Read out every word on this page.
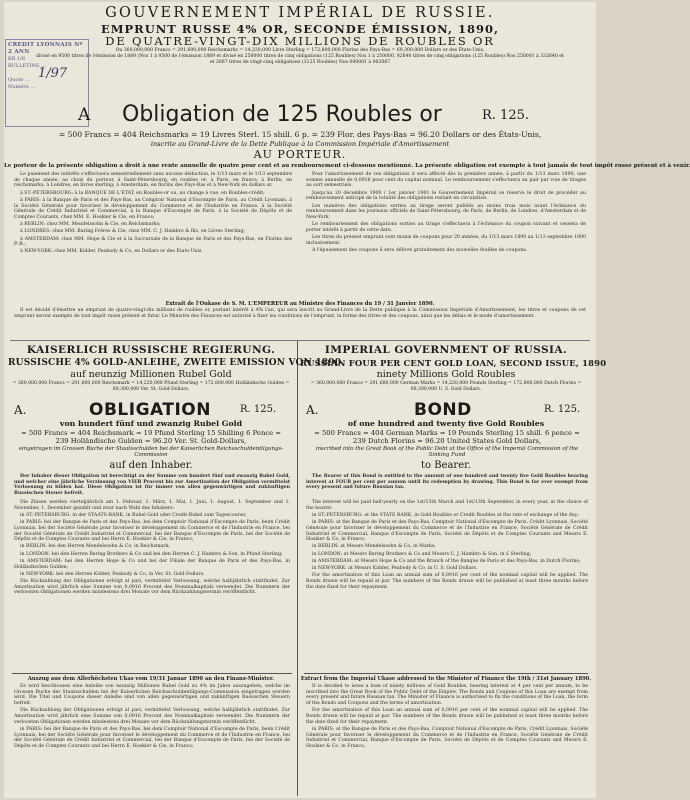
GOUVERNEMENT IMPÉRIAL DE RUSSIE.
EMPRUNT RUSSE 4% OR, SECONDE ÉMISSION, 1890,
DE QUATRE-VINGT-DIX MILLIONS DE ROUBLES OR
Ou 360,000,000 Francs = 291,600,000 Reichsmarks = 14,220,000 Livre Sterling = 172,800,000 Florins des Pays-Bas = 69,300,000 Dollars or des États-Unis,
divisé en 9500 titres de l'émission de 1889 (Nos 1 à 9500 de l'émission 1889 et divisé en 250000 titres de cinq obligations (125 Roubles) Nos 1 à 250000, 82640 titres de cinq obligations (125 Roubles) Nos 250001 à 332640 et
et 2067 titres de vingt-cinq obligations (3125 Roubles) Nos 000001 à 002067
CREDIT LYONNAIS Nº 2 ANN
KB 1/8
BULLETINS …
1/97
Quote …
Numéro …
A Obligation de 125 Roubles or	R. 125.
= 500 Francs = 404 Reichsmarks = 19 Livres Sterl. 15 shill. 6 p. = 239 Flor. des Pays-Bas = 96.20 Dollars or des États-Unis,
inscrite au Grand-Livre de la Dette Publique à la Commission Impériale d'Amortissement
AU PORTEUR.
Le porteur de la présente obligation a droit à une rente annuelle de quatre pour cent et au remboursement ci-dessous mentionné. La présente obligation est exempte à tout jamais de tout impôt russe présent et à venir.

Le paiement des intérêts s'effectuera semestriellement sans aucune déduction, le 1/13 mars et le 1/13 septembre de chaque année, au choix du porteur, à Saint-Pétersbourg, en roubles or; à Paris, en francs; à Berlin, en reichsmarks; à Londres, en livres sterling; à Amsterdam, en florins des Pays-Bas et à New-York en dollars or.

à ST.-PÉTERSBOURG: à la BANQUE DE L'ÉTAT, en Roubles-or ou, au change à vue, en Roubles-crédit;

à PARIS: à la Banque de Paris et des Pays-Bas, au Comptoir National d'Escompte de Paris, au Crédit Lyonnais, à la Société Générale pour favoriser le développement du Commerce et de l'Industrie en France, à la Société Générale de Crédit Industriel et Commercial, à la Banque d'Escompte de Paris, à la Société de Dépôts et de Comptes Courants, chez MM. E. Hoskier & Cie, en Francs;

à BERLIN: chez MM. Mendelssohn & Cie, en Reichsmarks;

à LONDRES: chez MM. Baring Frères & Cie, chez MM. C. J. Hambro & fils, en Livres Sterling;

à AMSTERDAM: chez MM. Hope & Cie et à la Succursale de la Banque de Paris et des Pays-Bas, en Florins des P.-B.;

à NEW-YORK: chez MM. Kidder, Peabody & Co, en Dollars or des États-Unis.

Pour l'amortissement de ces obligations il sera affecté dès la première année, à partir du 1/13 mars 1890, une somme annuelle de 0,0916 pour cent du capital nominal. Le remboursement s'effectuera au pair par voie de tirages au sort semestriels.

Jusqu'au 20 décembre 1900 / 1er janvier 1901 le Gouvernement Impérial se réserve le droit de procéder au remboursement anticipé de la totalité des obligations restant en circulation.

Les numéros des obligations sorties au tirage seront publiés au moins trois mois avant l'échéance du remboursement dans les journaux officiels de Saint-Pétersbourg, de Paris, de Berlin, de Londres, d'Amsterdam et de New-York.

Le remboursement des obligations sorties au tirage s'effectuera à l'échéance du coupon suivant et cessera de porter intérêt à partir de cette date.

Les titres du présent emprunt sont munis de coupons pour 20 années, du 1/13 mars 1890 au 1/13 septembre 1900 inclusivement.

A l'épuisement des coupons il sera délivré gratuitement des nouvelles feuilles de coupons.

Extrait de l'Oukase de S. M. L'EMPEREUR au Ministre des Finances du 19 / 31 Janvier 1890.

Il est décidé d'émettre un emprunt de quatre-vingt-dix millions de roubles or, portant intérêt à 4% l'an, qui sera inscrit au Grand-Livre de la Dette publique à la Commission Impériale d'Amortissement; les titres et coupons de cet emprunt seront exempts de tout impôt russe présent et futur. Le Ministre des Finances est autorisé à fixer les conditions de l'emprunt, la forme des titres et des coupons, ainsi que les délais et le mode d'amortissement.

KAISERLICH RUSSISCHE REGIERUNG.
RUSSISCHE 4% GOLD-ANLEIHE, ZWEITE EMISSION VON 1890
auf neunzig Millionen Rubel Gold
= 360,000,000 Francs = 291,600,000 Reichsmark = 14,220,000 Pfund Sterling = 172,800,000 Holländische Gulden = 69,300,000 Ver. St. Gold-Dollars.
A.	OBLIGATION	R. 125.
von hundert fünf und zwanzig Rubel Gold
= 500 Francs = 404 Reichsmark = 19 Pfund Sterling 15 Shilling 6 Pence = 239 Holländische Gulden = 96.20 Ver. St. Gold-Dollars,
eingetragen im Grossen Buche der Staatsschulden bei der Kaiserlichen Reichsschuldentilgungs-Commission
auf den Inhaber.

Der Inhaber dieser Obligation ist berechtigt zu der Summe von hundert fünf und zwanzig Rubel Gold, und welcher eine jährliche Verzinsung von VIER Procent bis zur Amortisation der Obligation vermittelst Verloosung zu bilden hat. Diese Obligation ist für immer von allen gegenwärtigen und zukünftigen Russischen Steuer befreit.

Die Zinsen werden vierteljährlich am 1. Februar, 1. März, 1. Mai, 1. Juni, 1. August, 1. September und 1. November, 1. December gezahlt und zwar nach Wahl des Inhabers:

in ST.-PETERSBURG: in der STAATS-BANK, in Rubel Gold oder Credit-Rubel zum Tagescourse;

in PARIS: bei der Banque de Paris et des Pays-Bas, bei dem Comptoir National d'Escompte de Paris, beim Crédit Lyonnais, bei der Société Générale pour favoriser le développement du Commerce et de l'Industrie en France, bei der Société Générale de Crédit Industriel et Commercial, bei der Banque d'Escompte de Paris, bei der Société de Dépôts et de Comptes Courants und bei Herrn E. Hoskier & Cie, in Francs;

in BERLIN: bei den Herren Mendelssohn & Co, in Reichsmark;

in LONDON: bei den Herren Baring Brothers & Co und bei den Herren C. J. Hambro & Son, in Pfund Sterling;

in AMSTERDAM: bei den Herren Hope & Co und bei der Filiale der Banque de Paris et des Pays-Bas, in Holländischen Gulden;

in NEW-YORK: bei den Herren Kidder, Peabody & Co, in Ver. St. Gold-Dollars.

Die Rückzahlung der Obligationen erfolgt al pari, vermittelst Verloosung, welche halbjährlich stattfindet. Zur Amortisation wird jährlich eine Summe von 0,0916 Procent des Nominalkapitals verwendet. Die Nummern der verloosten Obligationen werden mindestens drei Monate vor dem Rückzahlungstermin veröffentlicht.

Auszug aus dem Allerhöchsten Ukas vom 19/31 Januar 1890 an den Finanz-Minister.

Es wird beschlossen eine Anleihe von neunzig Millionen Rubel Gold zu 4% im Jahre auszugeben, welche im Grossen Buche der Staatsschulden bei der Kaiserlichen Reichsschuldentilgungs-Commission eingetragen werden wird. Die Titel und Coupons dieser Anleihe sind von allen gegenwärtigen und zukünftigen Russischen Steuern befreit.

Die Rückzahlung der Obligationen erfolgt al pari, vermittelst Verloosung, welche halbjährlich stattfindet. Zur Amortisation wird jährlich eine Summe von 0,0916 Procent des Nominalkapitals verwendet. Die Nummern der verloosten Obligationen werden mindestens drei Monate vor dem Rückzahlungstermin veröffentlicht.

in PARIS: bei der Banque de Paris et des Pays-Bas, bei dem Comptoir National d'Escompte de Paris, beim Crédit Lyonnais, bei der Société Générale pour favoriser le développement du Commerce et de l'Industrie en France, bei der Société Générale de Crédit Industriel et Commercial, bei der Banque d'Escompte de Paris, bei der Société de Dépôts et de Comptes Courants und bei Herrn E. Hoskier & Cie, in Francs;

IMPERIAL GOVERNMENT OF RUSSIA.
RUSSIAN FOUR PER CENT GOLD LOAN, SECOND ISSUE, 1890
ninety Millions Gold Roubles
= 360,000,000 Francs = 291,600,000 German Marks = 14,220,000 Pounds Sterling = 172,800,000 Dutch Florins = 69,300,000 U. S. Gold Dollars.
A.	BOND	R. 125.
of one hundred and twenty five Gold Roubles
= 500 Francs = 404 German Marks = 19 Pounds Sterling 15 shill. 6 pence = 239 Dutch Florins = 96.20 United States Gold Dollars,
inscribed into the Great Book of the Public Debt at the Office of the Imperial Commission of the Sinking Fund
to Bearer.

The Bearer of this Bond is entitled to the amount of one hundred and twenty five Gold Roubles bearing interest at FOUR per cent per annum until its redemption by drawing. This Bond is for ever exempt from every present and future Russian tax.

The interest will be paid half-yearly on the 1st/13th March and 1st/13th September, in every year, at the choice of the bearer:

in ST.-PETERSBURG: at the STATE BANK, in Gold Roubles or Credit Roubles at the rate of exchange of the day;

in PARIS: at the Banque de Paris et des Pays-Bas, Comptoir National d'Escompte de Paris, Crédit Lyonnais, Société Générale pour favoriser le développement du Commerce et de l'Industrie en France, Société Générale de Crédit Industriel et Commercial, Banque d'Escompte de Paris, Société de Dépôts et de Comptes Courants and Messrs E. Hoskier & Co, in Francs;

in BERLIN: at Messrs Mendelssohn & Co, in Marks;

in LONDON: at Messrs Baring Brothers & Co and Messrs C. J. Hambro & Son, in £ Sterling;

in AMSTERDAM: at Messrs Hope & Co and the Branch of the Banque de Paris et des Pays-Bas, in Dutch Florins;

in NEW-YORK: at Messrs Kidder, Peabody & Co, in U. S. Gold Dollars.

For the amortisation of this Loan an annual sum of 0,0916 per cent of the nominal capital will be applied. The Bonds drawn will be repaid at par. The numbers of the Bonds drawn will be published at least three months before the date fixed for their repayment.

Extract from the Imperial Ukase addressed to the Minister of Finance the 19th / 31st January 1890.

It is decided to issue a loan of ninety millions of Gold Roubles, bearing interest at 4 per cent per annum, to be inscribed into the Great Book of the Public Debt of the Empire. The Bonds and Coupons of this Loan are exempt from every present and future Russian tax. The Minister of Finance is authorised to fix the conditions of the Loan, the form of the Bonds and Coupons and the terms of amortisation.

For the amortisation of this Loan an annual sum of 0,0916 per cent of the nominal capital will be applied. The Bonds drawn will be repaid at par. The numbers of the Bonds drawn will be published at least three months before the date fixed for their repayment.

in PARIS: at the Banque de Paris et des Pays-Bas, Comptoir National d'Escompte de Paris, Crédit Lyonnais, Société Générale pour favoriser le développement du Commerce et de l'Industrie en France, Société Générale de Crédit Industriel et Commercial, Banque d'Escompte de Paris, Société de Dépôts et de Comptes Courants and Messrs E. Hoskier & Co, in Francs;
